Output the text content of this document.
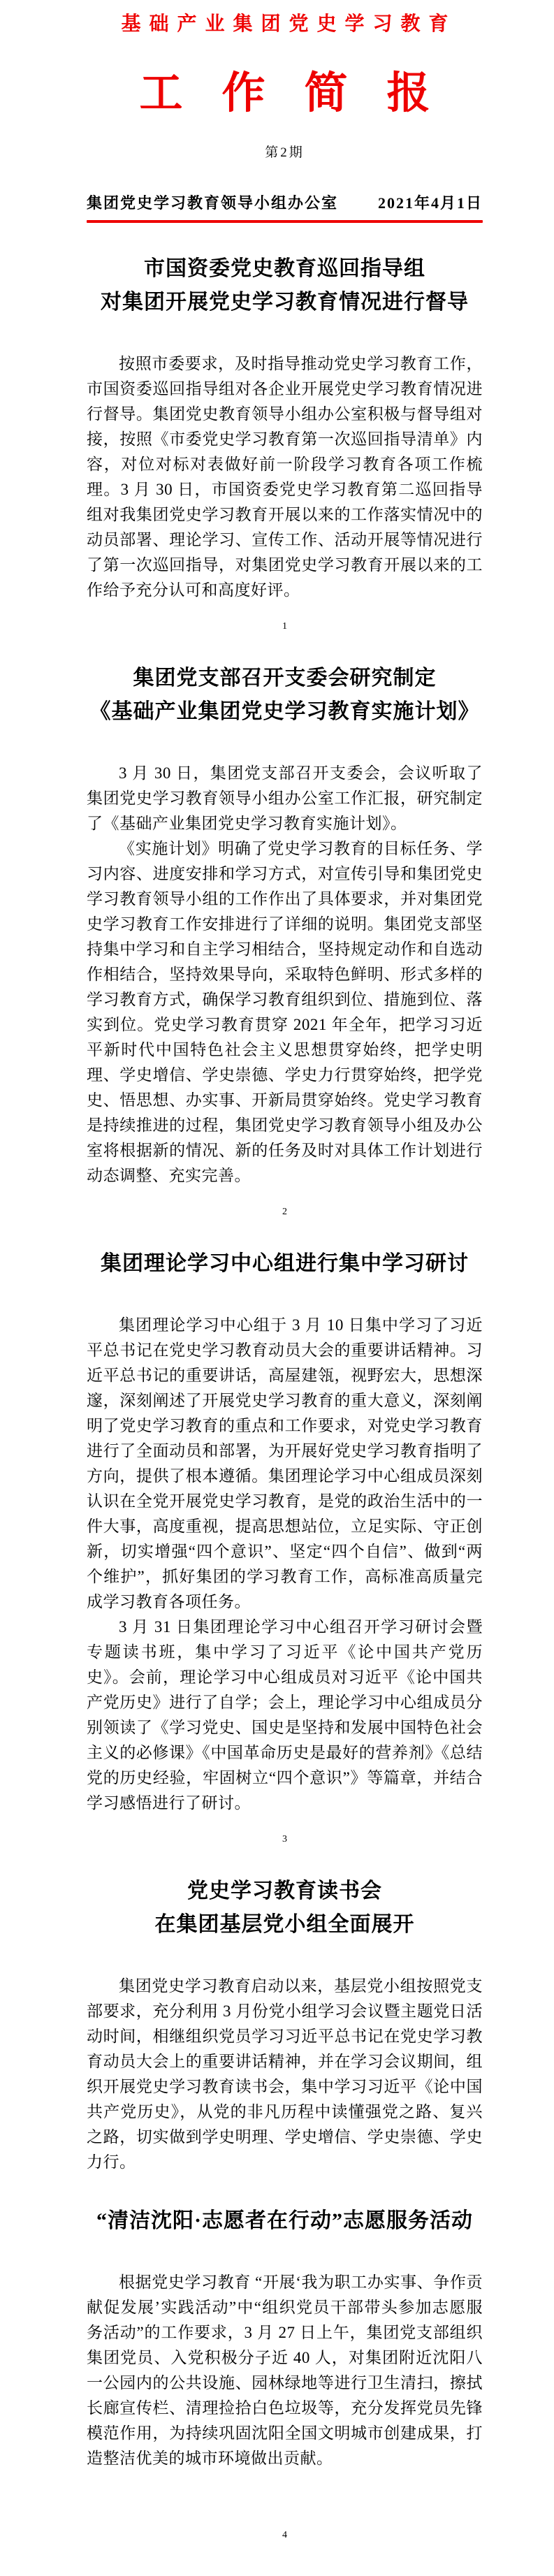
基础产业集团党史学习教育
工作简报
第2期
集团党史学习教育领导小组办公室	2021年4月1日
市国资委党史教育巡回指导组
对集团开展党史学习教育情况进行督导

按照市委要求，及时指导推动党史学习教育工作，市国资委巡回指导组对各企业开展党史学习教育情况进行督导。集团党史教育领导小组办公室积极与督导组对接，按照《市委党史学习教育第一次巡回指导清单》内容，对位对标对表做好前一阶段学习教育各项工作梳理。3 月 30 日，市国资委党史学习教育第二巡回指导组对我集团党史学习教育开展以来的工作落实情况中的动员部署、理论学习、宣传工作、活动开展等情况进行了第一次巡回指导，对集团党史学习教育开展以来的工作给予充分认可和高度好评。

1
集团党支部召开支委会研究制定
《基础产业集团党史学习教育实施计划》

3 月 30 日，集团党支部召开支委会，会议听取了集团党史学习教育领导小组办公室工作汇报，研究制定了《基础产业集团党史学习教育实施计划》。

《实施计划》明确了党史学习教育的目标任务、学习内容、进度安排和学习方式，对宣传引导和集团党史学习教育领导小组的工作作出了具体要求，并对集团党史学习教育工作安排进行了详细的说明。集团党支部坚持集中学习和自主学习相结合，坚持规定动作和自选动作相结合，坚持效果导向，采取特色鲜明、形式多样的学习教育方式，确保学习教育组织到位、措施到位、落实到位。党史学习教育贯穿 2021 年全年，把学习习近平新时代中国特色社会主义思想贯穿始终，把学史明理、学史增信、学史崇德、学史力行贯穿始终，把学党史、悟思想、办实事、开新局贯穿始终。党史学习教育是持续推进的过程，集团党史学习教育领导小组及办公室将根据新的情况、新的任务及时对具体工作计划进行动态调整、充实完善。

2
集团理论学习中心组进行集中学习研讨

集团理论学习中心组于 3 月 10 日集中学习了习近平总书记在党史学习教育动员大会的重要讲话精神。习近平总书记的重要讲话，高屋建瓴，视野宏大，思想深邃，深刻阐述了开展党史学习教育的重大意义，深刻阐明了党史学习教育的重点和工作要求，对党史学习教育进行了全面动员和部署，为开展好党史学习教育指明了方向，提供了根本遵循。集团理论学习中心组成员深刻认识在全党开展党史学习教育，是党的政治生活中的一件大事，高度重视，提高思想站位，立足实际、守正创新，切实增强“四个意识”、坚定“四个自信”、做到“两个维护”，抓好集团的学习教育工作，高标准高质量完成学习教育各项任务。

3 月 31 日集团理论学习中心组召开学习研讨会暨专题读书班，集中学习了习近平《论中国共产党历史》。会前，理论学习中心组成员对习近平《论中国共产党历史》进行了自学；会上，理论学习中心组成员分别领读了《学习党史、国史是坚持和发展中国特色社会主义的必修课》《中国革命历史是最好的营养剂》《总结党的历史经验，牢固树立“四个意识”》等篇章，并结合学习感悟进行了研讨。

3
党史学习教育读书会
在集团基层党小组全面展开

集团党史学习教育启动以来，基层党小组按照党支部要求，充分利用 3 月份党小组学习会议暨主题党日活动时间，相继组织党员学习习近平总书记在党史学习教育动员大会上的重要讲话精神，并在学习会议期间，组织开展党史学习教育读书会，集中学习习近平《论中国共产党历史》，从党的非凡历程中读懂强党之路、复兴之路，切实做到学史明理、学史增信、学史崇德、学史力行。

“清洁沈阳·志愿者在行动”志愿服务活动

根据党史学习教育 “开展‘我为职工办实事、争作贡献促发展’实践活动”中“组织党员干部带头参加志愿服务活动”的工作要求，3 月 27 日上午，集团党支部组织集团党员、入党积极分子近 40 人，对集团附近沈阳八一公园内的公共设施、园林绿地等进行卫生清扫，擦拭长廊宣传栏、清理捡拾白色垃圾等，充分发挥党员先锋模范作用，为持续巩固沈阳全国文明城市创建成果，打造整洁优美的城市环境做出贡献。

4
